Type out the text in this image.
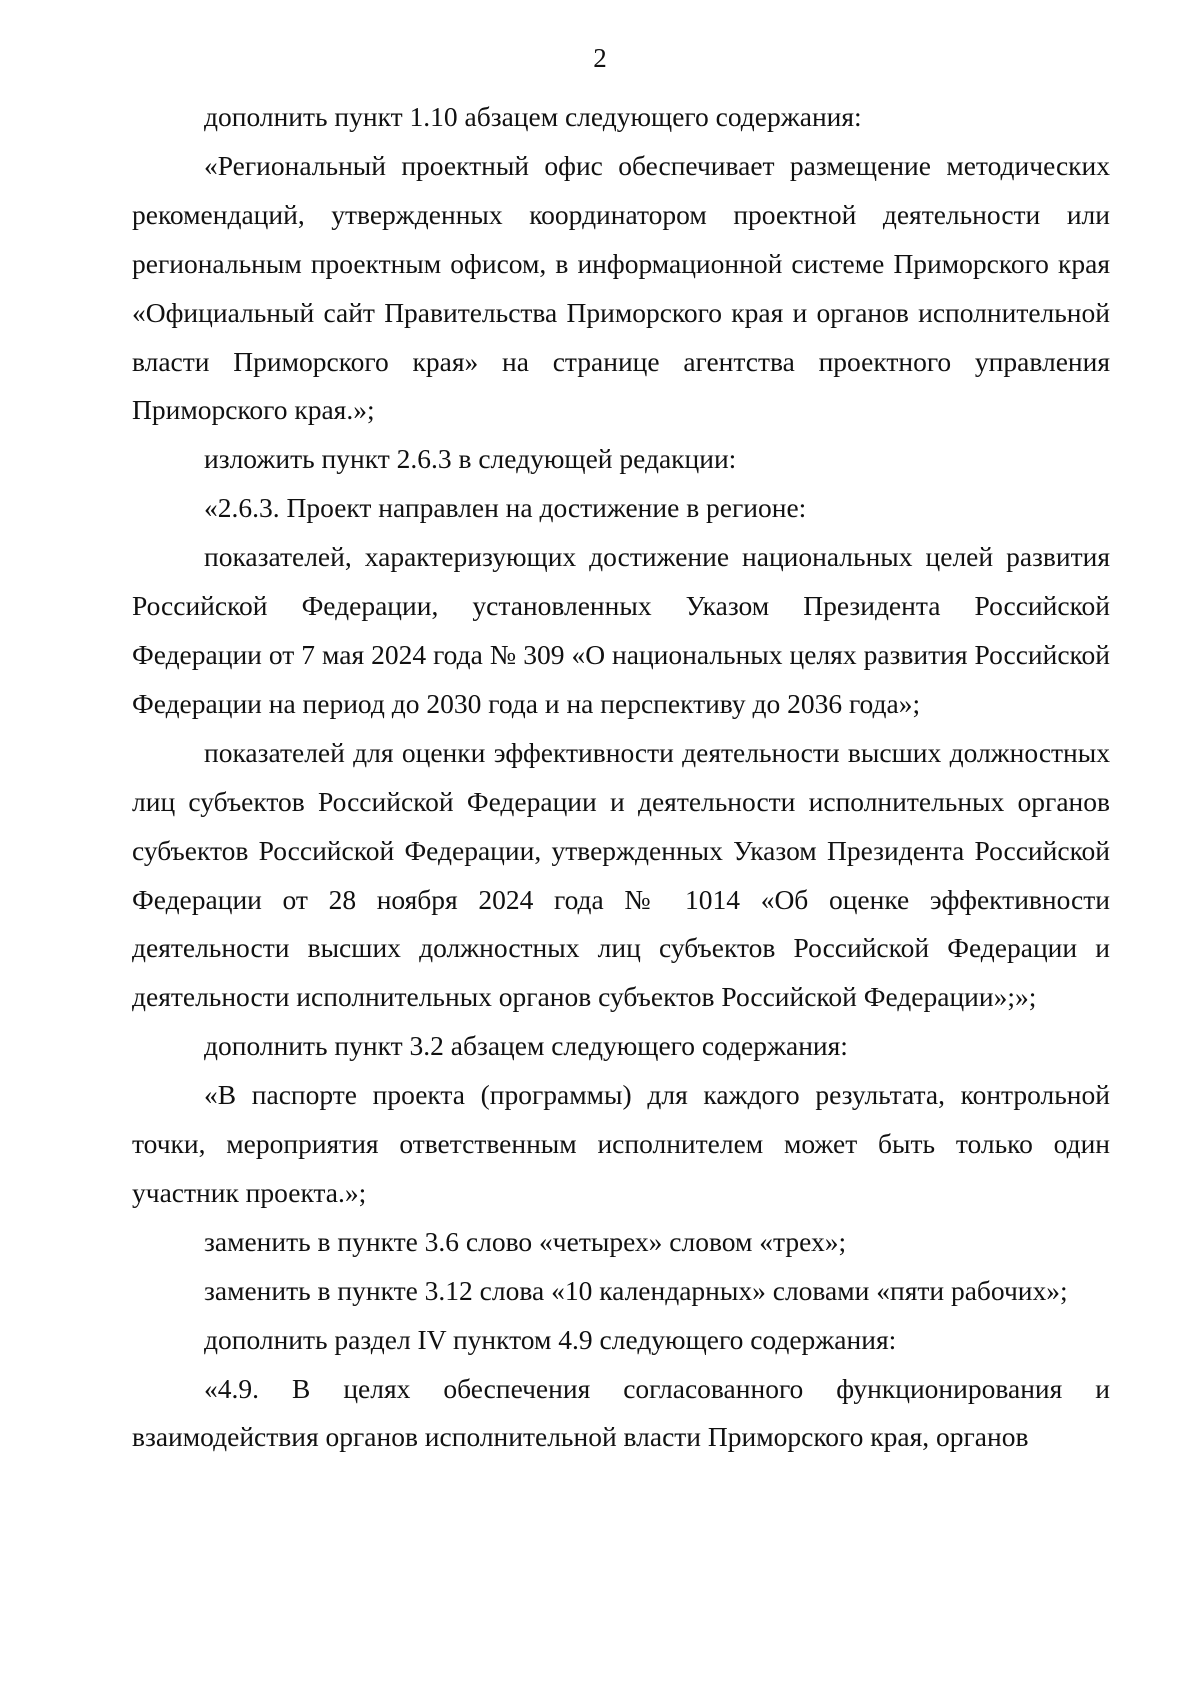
2

дополнить пункт 1.10 абзацем следующего содержания:

«Региональный проектный офис обеспечивает размещение методических рекомендаций, утвержденных координатором проектной деятельности или региональным проектным офисом, в информационной системе Приморского края «Официальный сайт Правительства Приморского края и органов исполнительной власти Приморского края» на странице агентства проектного управления Приморского края.»;

изложить пункт 2.6.3 в следующей редакции:

«2.6.3. Проект направлен на достижение в регионе:

показателей, характеризующих достижение национальных целей развития Российской Федерации, установленных Указом Президента Российской Федерации от 7 мая 2024 года № 309 «О национальных целях развития Российской Федерации на период до 2030 года и на перспективу до 2036 года»;

показателей для оценки эффективности деятельности высших должностных лиц субъектов Российской Федерации и деятельности исполнительных органов субъектов Российской Федерации, утвержденных Указом Президента Российской Федерации от 28 ноября 2024 года № 1014 «Об оценке эффективности деятельности высших должностных лиц субъектов Российской Федерации и деятельности исполнительных органов субъектов Российской Федерации»;»;

дополнить пункт 3.2 абзацем следующего содержания:

«В паспорте проекта (программы) для каждого результата, контрольной точки, мероприятия ответственным исполнителем может быть только один участник проекта.»;

заменить в пункте 3.6 слово «четырех» словом «трех»;

заменить в пункте 3.12 слова «10 календарных» словами «пяти рабочих»;

дополнить раздел IV пунктом 4.9 следующего содержания:

«4.9. В целях обеспечения согласованного функционирования и взаимодействия органов исполнительной власти Приморского края, органов
